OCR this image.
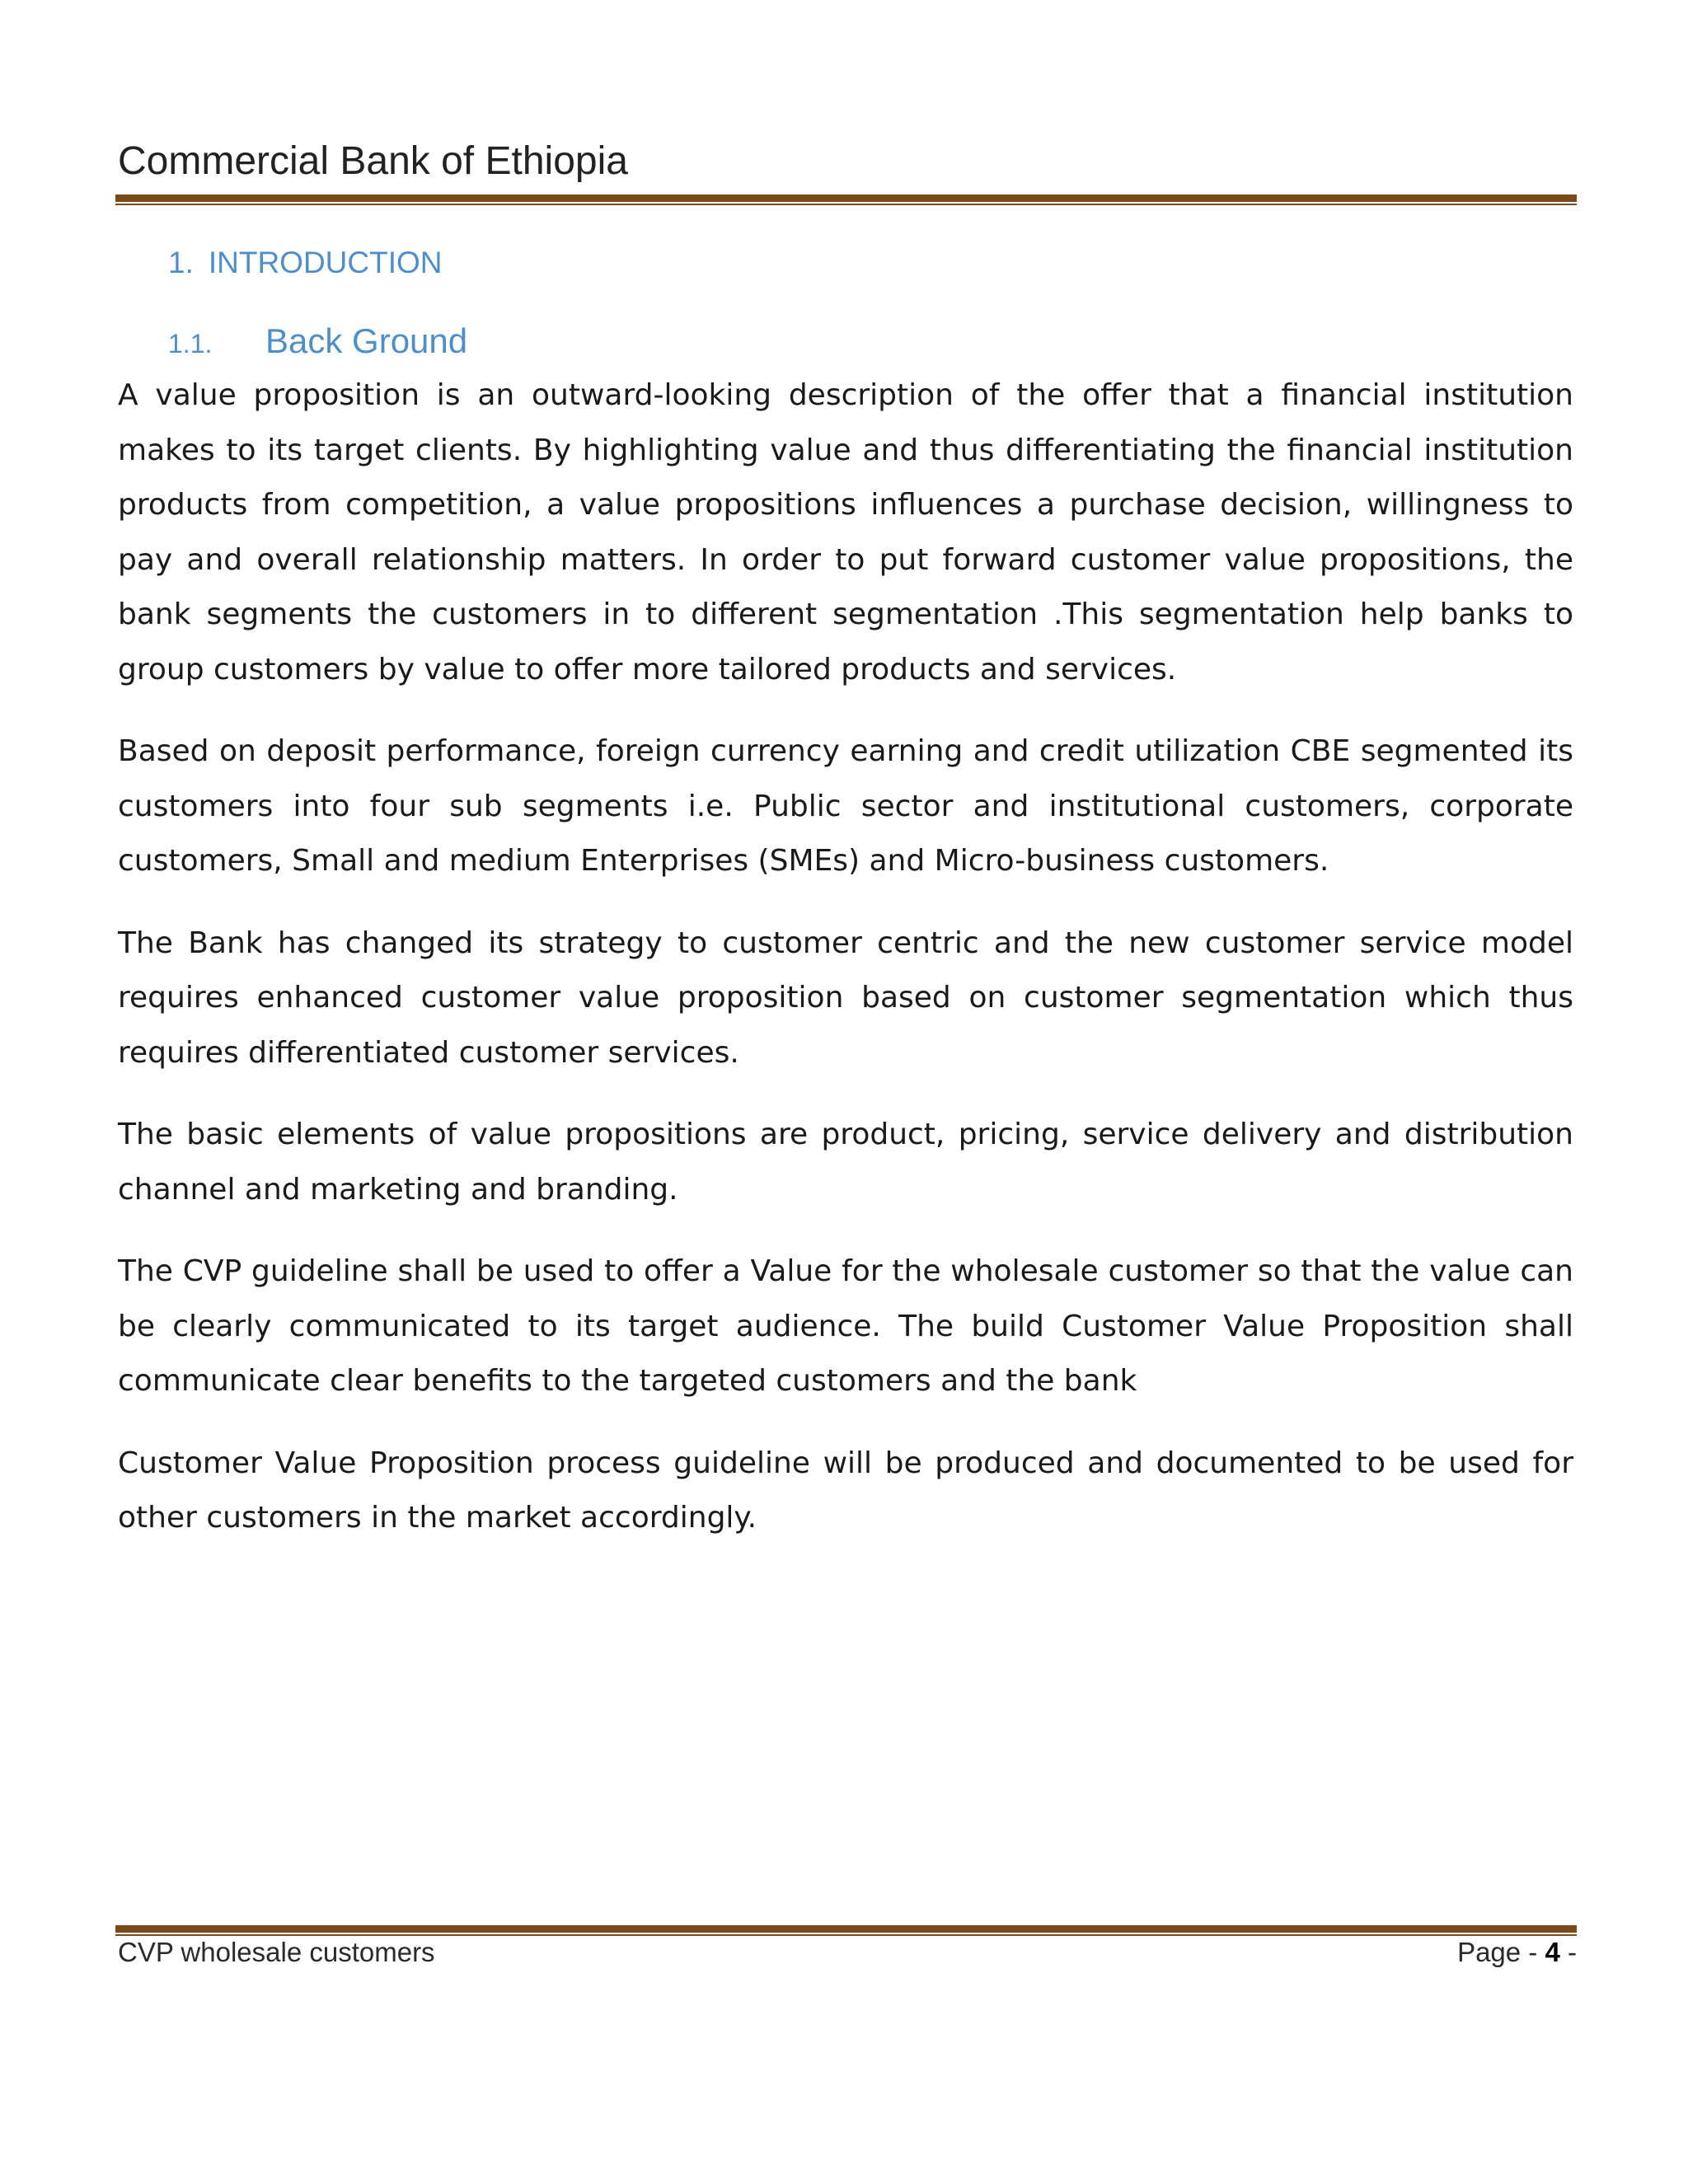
Commercial Bank of Ethiopia
1. INTRODUCTION
1.1. Back Ground

A value proposition is an outward-looking description of the offer that a financial institution makes to its target clients. By highlighting value and thus differentiating the financial institution products from competition, a value propositions influences a purchase decision, willingness to pay and overall relationship matters. In order to put forward customer value propositions, the bank segments the customers in to different segmentation .This segmentation help banks to group customers by value to offer more tailored products and services.

Based on deposit performance, foreign currency earning and credit utilization CBE segmented its customers into four sub segments i.e. Public sector and institutional customers, corporate customers, Small and medium Enterprises (SMEs) and Micro-business customers.

The Bank has changed its strategy to customer centric and the new customer service model requires enhanced customer value proposition based on customer segmentation which thus requires differentiated customer services.

The basic elements of value propositions are product, pricing, service delivery and distribution channel and marketing and branding.

The CVP guideline shall be used to offer a Value for the wholesale customer so that the value can be clearly communicated to its target audience. The build Customer Value Proposition shall communicate clear benefits to the targeted customers and the bank

Customer Value Proposition process guideline will be produced and documented to be used for other customers in the market accordingly.

CVP wholesale customers	Page - 4 -
